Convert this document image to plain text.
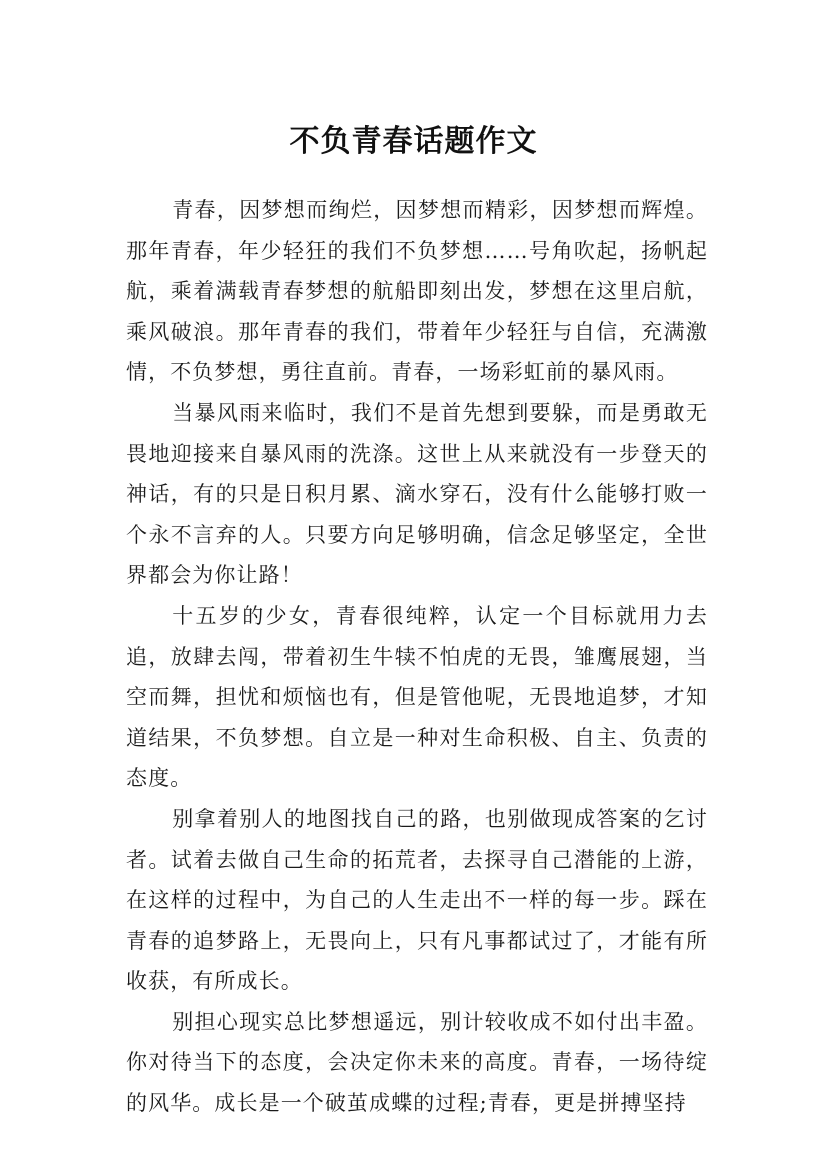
不负青春话题作文

青春，因梦想而绚烂，因梦想而精彩，因梦想而辉煌。那年青春，年少轻狂的我们不负梦想……号角吹起，扬帆起航，乘着满载青春梦想的航船即刻出发，梦想在这里启航，乘风破浪。那年青春的我们，带着年少轻狂与自信，充满激情，不负梦想，勇往直前。青春，一场彩虹前的暴风雨。

当暴风雨来临时，我们不是首先想到要躲，而是勇敢无畏地迎接来自暴风雨的洗涤。这世上从来就没有一步登天的神话，有的只是日积月累、滴水穿石，没有什么能够打败一个永不言弃的人。只要方向足够明确，信念足够坚定，全世界都会为你让路！

十五岁的少女，青春很纯粹，认定一个目标就用力去追，放肆去闯，带着初生牛犊不怕虎的无畏，雏鹰展翅，当空而舞，担忧和烦恼也有，但是管他呢，无畏地追梦，才知道结果，不负梦想。自立是一种对生命积极、自主、负责的态度。

别拿着别人的地图找自己的路，也别做现成答案的乞讨者。试着去做自己生命的拓荒者，去探寻自己潜能的上游，在这样的过程中，为自己的人生走出不一样的每一步。踩在青春的追梦路上，无畏向上，只有凡事都试过了，才能有所收获，有所成长。

别担心现实总比梦想遥远，别计较收成不如付出丰盈。你对待当下的态度，会决定你未来的高度。青春，一场待绽的风华。成长是一个破茧成蝶的过程;青春，更是拼搏坚持
